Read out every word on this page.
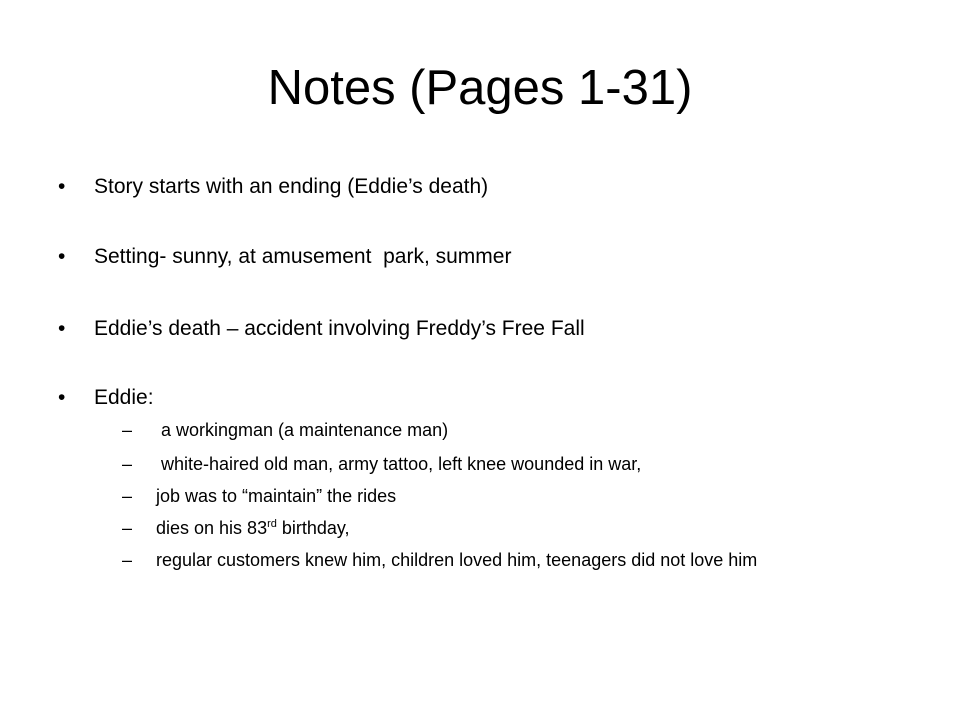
Notes (Pages 1-31)
•	Story starts with an ending (Eddie’s death)
•	Setting- sunny, at amusement  park, summer
•	Eddie’s death – accident involving Freddy’s Free Fall
•	Eddie:
– a workingman (a maintenance man)
– white-haired old man, army tattoo, left knee wounded in war,
– job was to “maintain” the rides
– dies on his 83rd birthday,
– regular customers knew him, children loved him, teenagers did not love him
